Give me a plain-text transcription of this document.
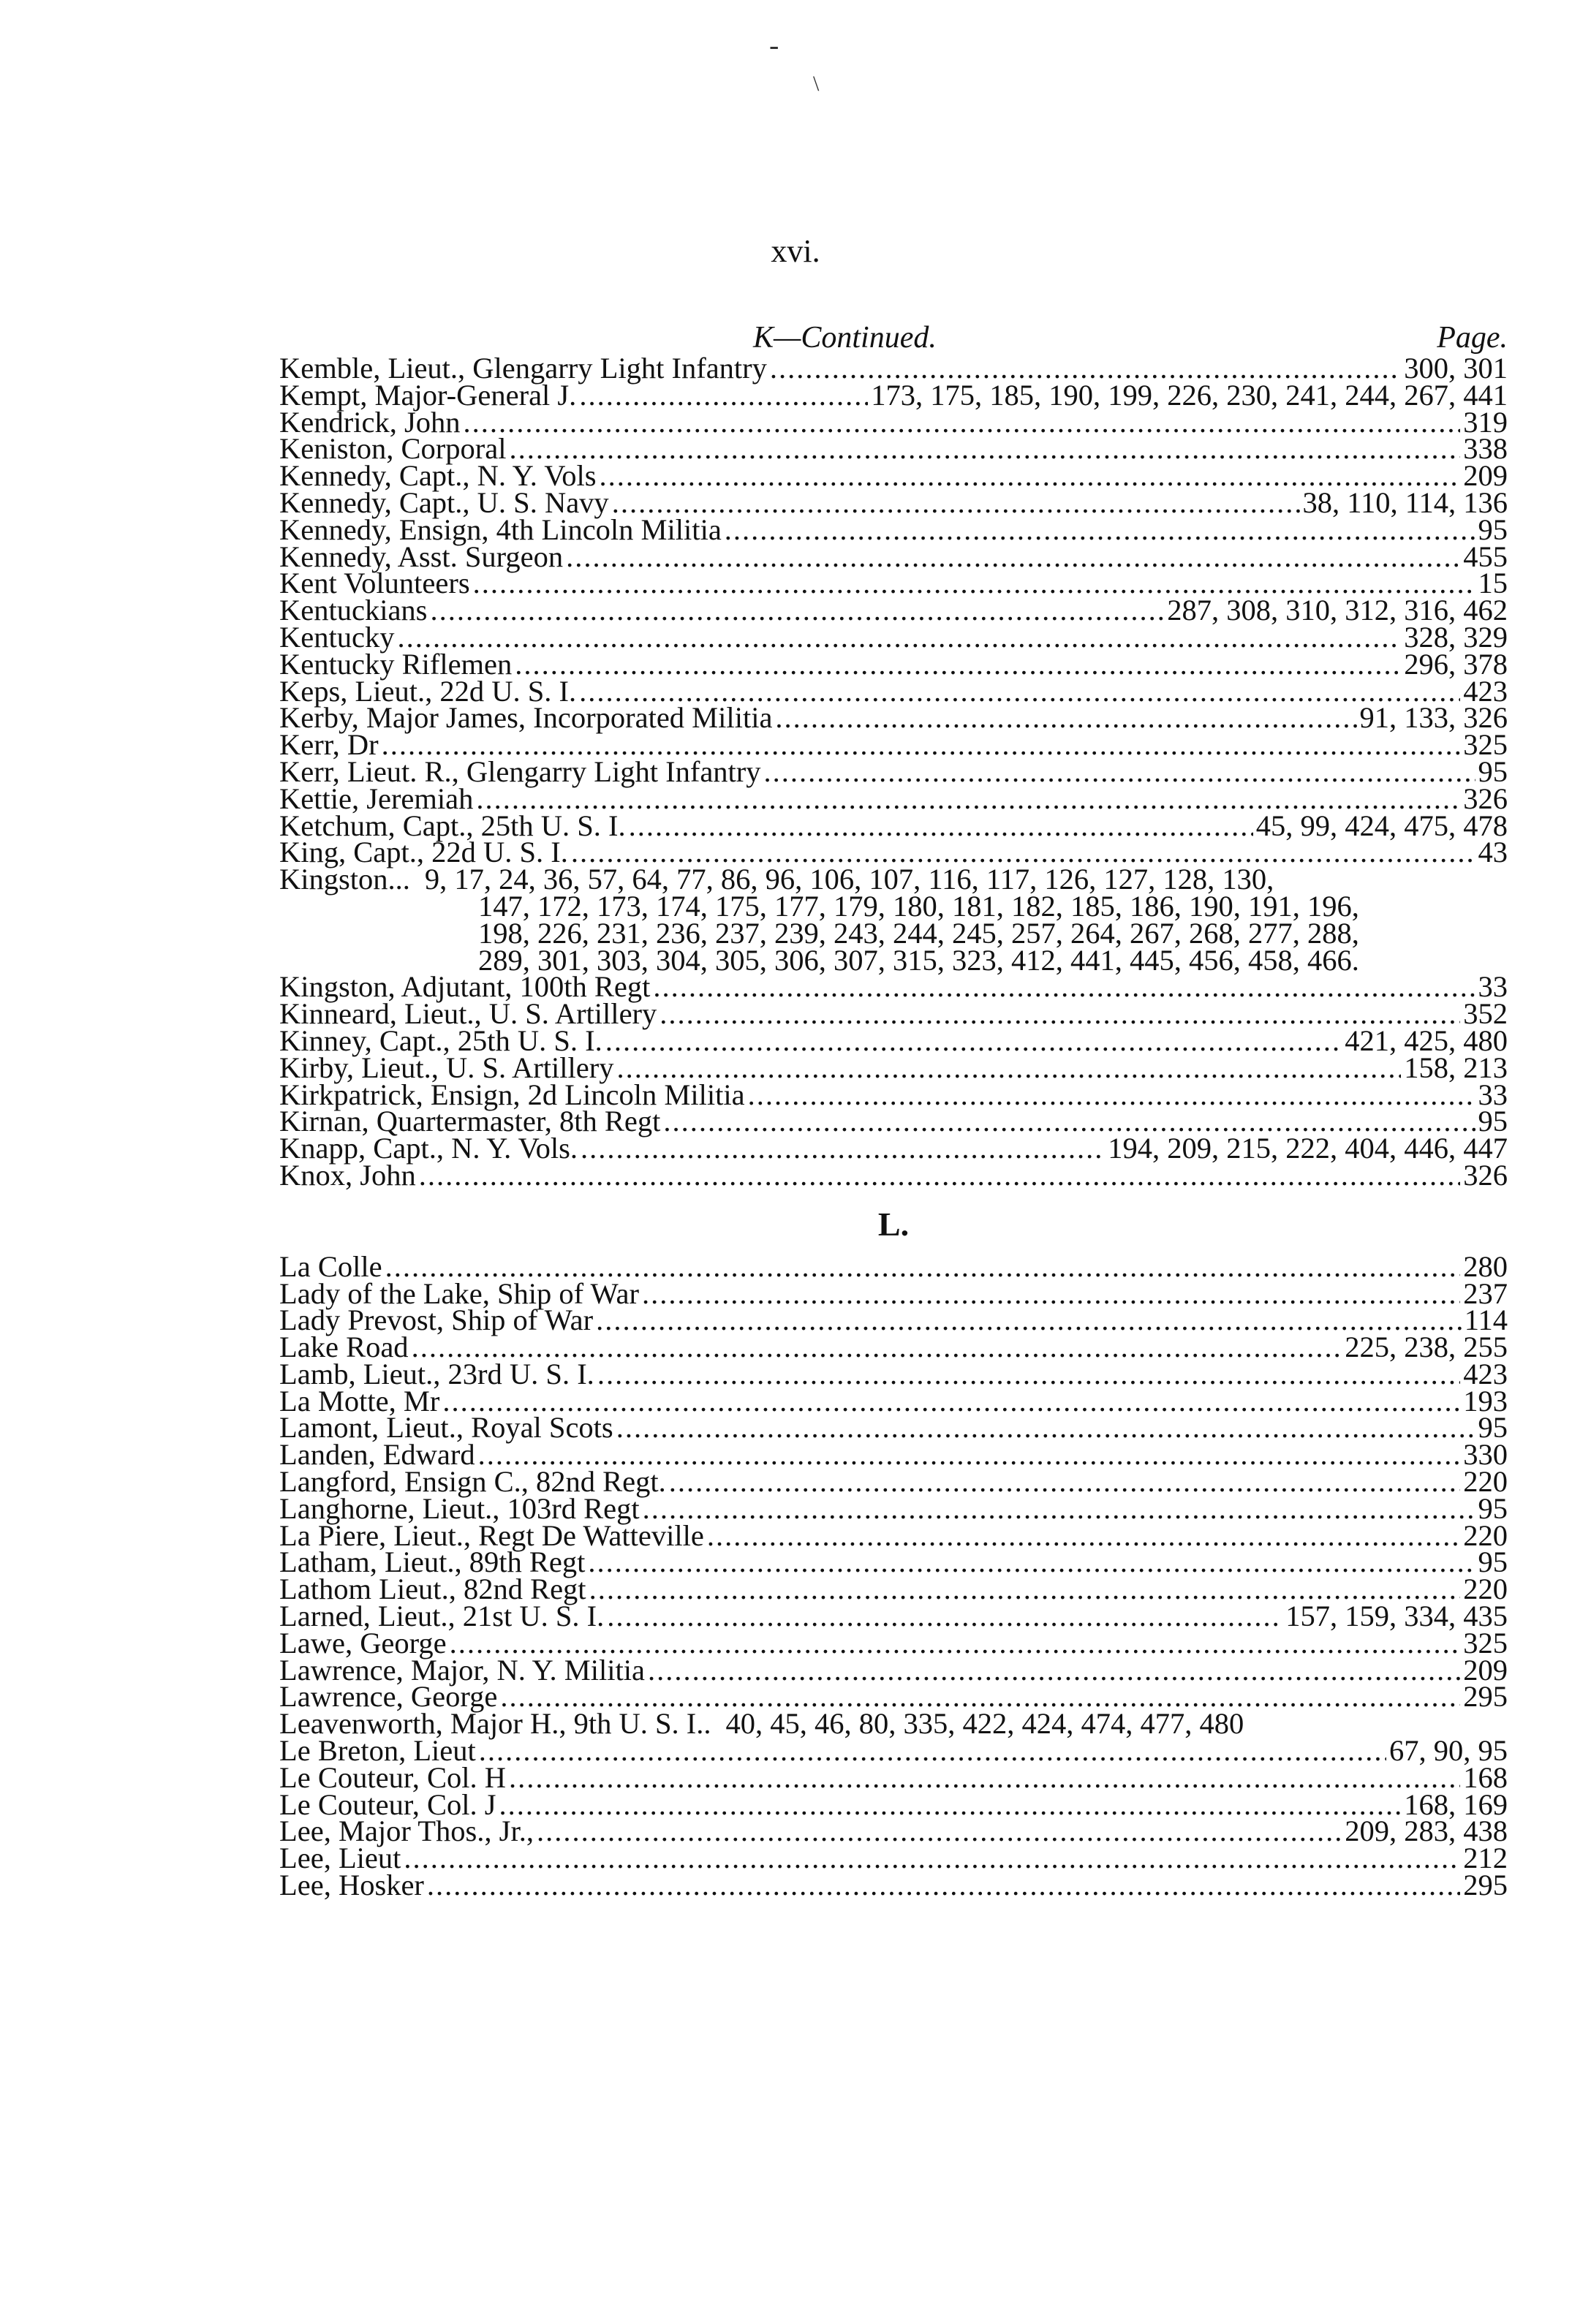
-
\
xvi.
K—Continued.	Page.
Kemble, Lieut., Glengarry Light Infantry .....	300, 301
Kempt, Major-General J. .....	173, 175, 185, 190, 199, 226, 230, 241, 244, 267, 441
Kendrick, John .....	319
Keniston, Corporal .....	338
Kennedy, Capt., N. Y. Vols .....	209
Kennedy, Capt., U. S. Navy .....	38, 110, 114, 136
Kennedy, Ensign, 4th Lincoln Militia .....	95
Kennedy, Asst. Surgeon .....	455
Kent Volunteers .....	15
Kentuckians .....	287, 308, 310, 312, 316, 462
Kentucky .....	328, 329
Kentucky Riflemen .....	296, 378
Keps, Lieut., 22d U. S. I. .....	423
Kerby, Major James, Incorporated Militia .....	91, 133, 326
Kerr, Dr .....	325
Kerr, Lieut. R., Glengarry Light Infantry .....	95
Kettie, Jeremiah .....	326
Ketchum, Capt., 25th U. S. I. .....	45, 99, 424, 475, 478
King, Capt., 22d U. S. I. .....	43
Kingston... 9, 17, 24, 36, 57, 64, 77, 86, 96, 106, 107, 116, 117, 126, 127, 128, 130,
147, 172, 173, 174, 175, 177, 179, 180, 181, 182, 185, 186, 190, 191, 196,
198, 226, 231, 236, 237, 239, 243, 244, 245, 257, 264, 267, 268, 277, 288,
289, 301, 303, 304, 305, 306, 307, 315, 323, 412, 441, 445, 456, 458, 466.
Kingston, Adjutant, 100th Regt .....	33
Kinneard, Lieut., U. S. Artillery .....	352
Kinney, Capt., 25th U. S. I. .....	421, 425, 480
Kirby, Lieut., U. S. Artillery .....	158, 213
Kirkpatrick, Ensign, 2d Lincoln Militia .....	33
Kirnan, Quartermaster, 8th Regt .....	95
Knapp, Capt., N. Y. Vols. .....	194, 209, 215, 222, 404, 446, 447
Knox, John .....	326
L.
La Colle .....	280
Lady of the Lake, Ship of War .....	237
Lady Prevost, Ship of War .....	114
Lake Road .....	225, 238, 255
Lamb, Lieut., 23rd U. S. I. .....	423
La Motte, Mr .....	193
Lamont, Lieut., Royal Scots .....	95
Landen, Edward .....	330
Langford, Ensign C., 82nd Regt. .....	220
Langhorne, Lieut., 103rd Regt .....	95
La Piere, Lieut., Regt De Watteville .....	220
Latham, Lieut., 89th Regt .....	95
Lathom Lieut., 82nd Regt .....	220
Larned, Lieut., 21st U. S. I. .....	157, 159, 334, 435
Lawe, George .....	325
Lawrence, Major, N. Y. Militia .....	209
Lawrence, George .....	295
Leavenworth, Major H., 9th U. S. I.. 40, 45, 46, 80, 335, 422, 424, 474, 477, 480
Le Breton, Lieut .....	67, 90, 95
Le Couteur, Col. H .....	168
Le Couteur, Col. J .....	168, 169
Lee, Major Thos., Jr., .....	209, 283, 438
Lee, Lieut .....	212
Lee, Hosker .....	295
